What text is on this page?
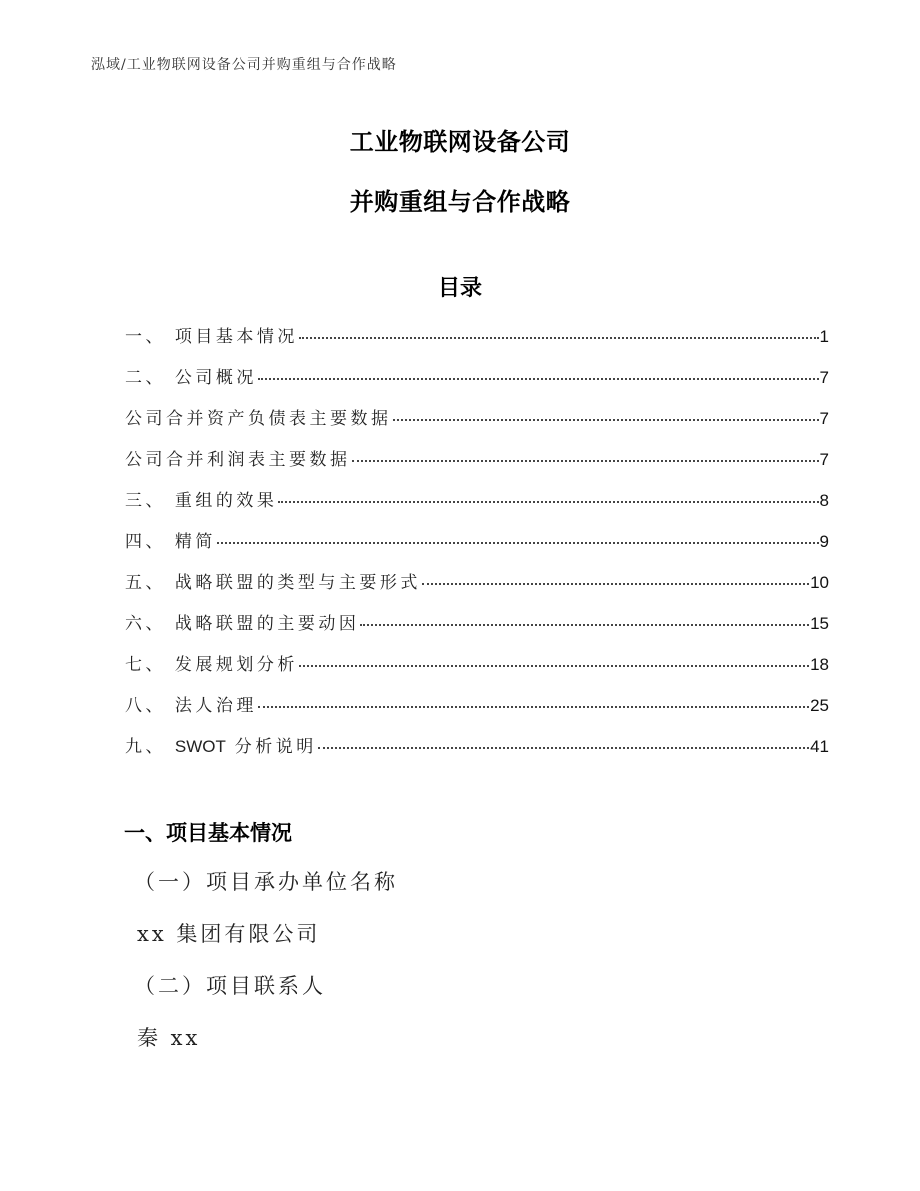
泓域/工业物联网设备公司并购重组与合作战略
工业物联网设备公司
并购重组与合作战略
目录
一、 项目基本情况	1
二、 公司概况	7
公司合并资产负债表主要数据	7
公司合并利润表主要数据	7
三、 重组的效果	8
四、 精简	9
五、 战略联盟的类型与主要形式	10
六、 战略联盟的主要动因	15
七、 发展规划分析	18
八、 法人治理	25
九、 SWOT 分析说明	41
一、项目基本情况
（一）项目承办单位名称
xx 集团有限公司
（二）项目联系人
秦 xx
